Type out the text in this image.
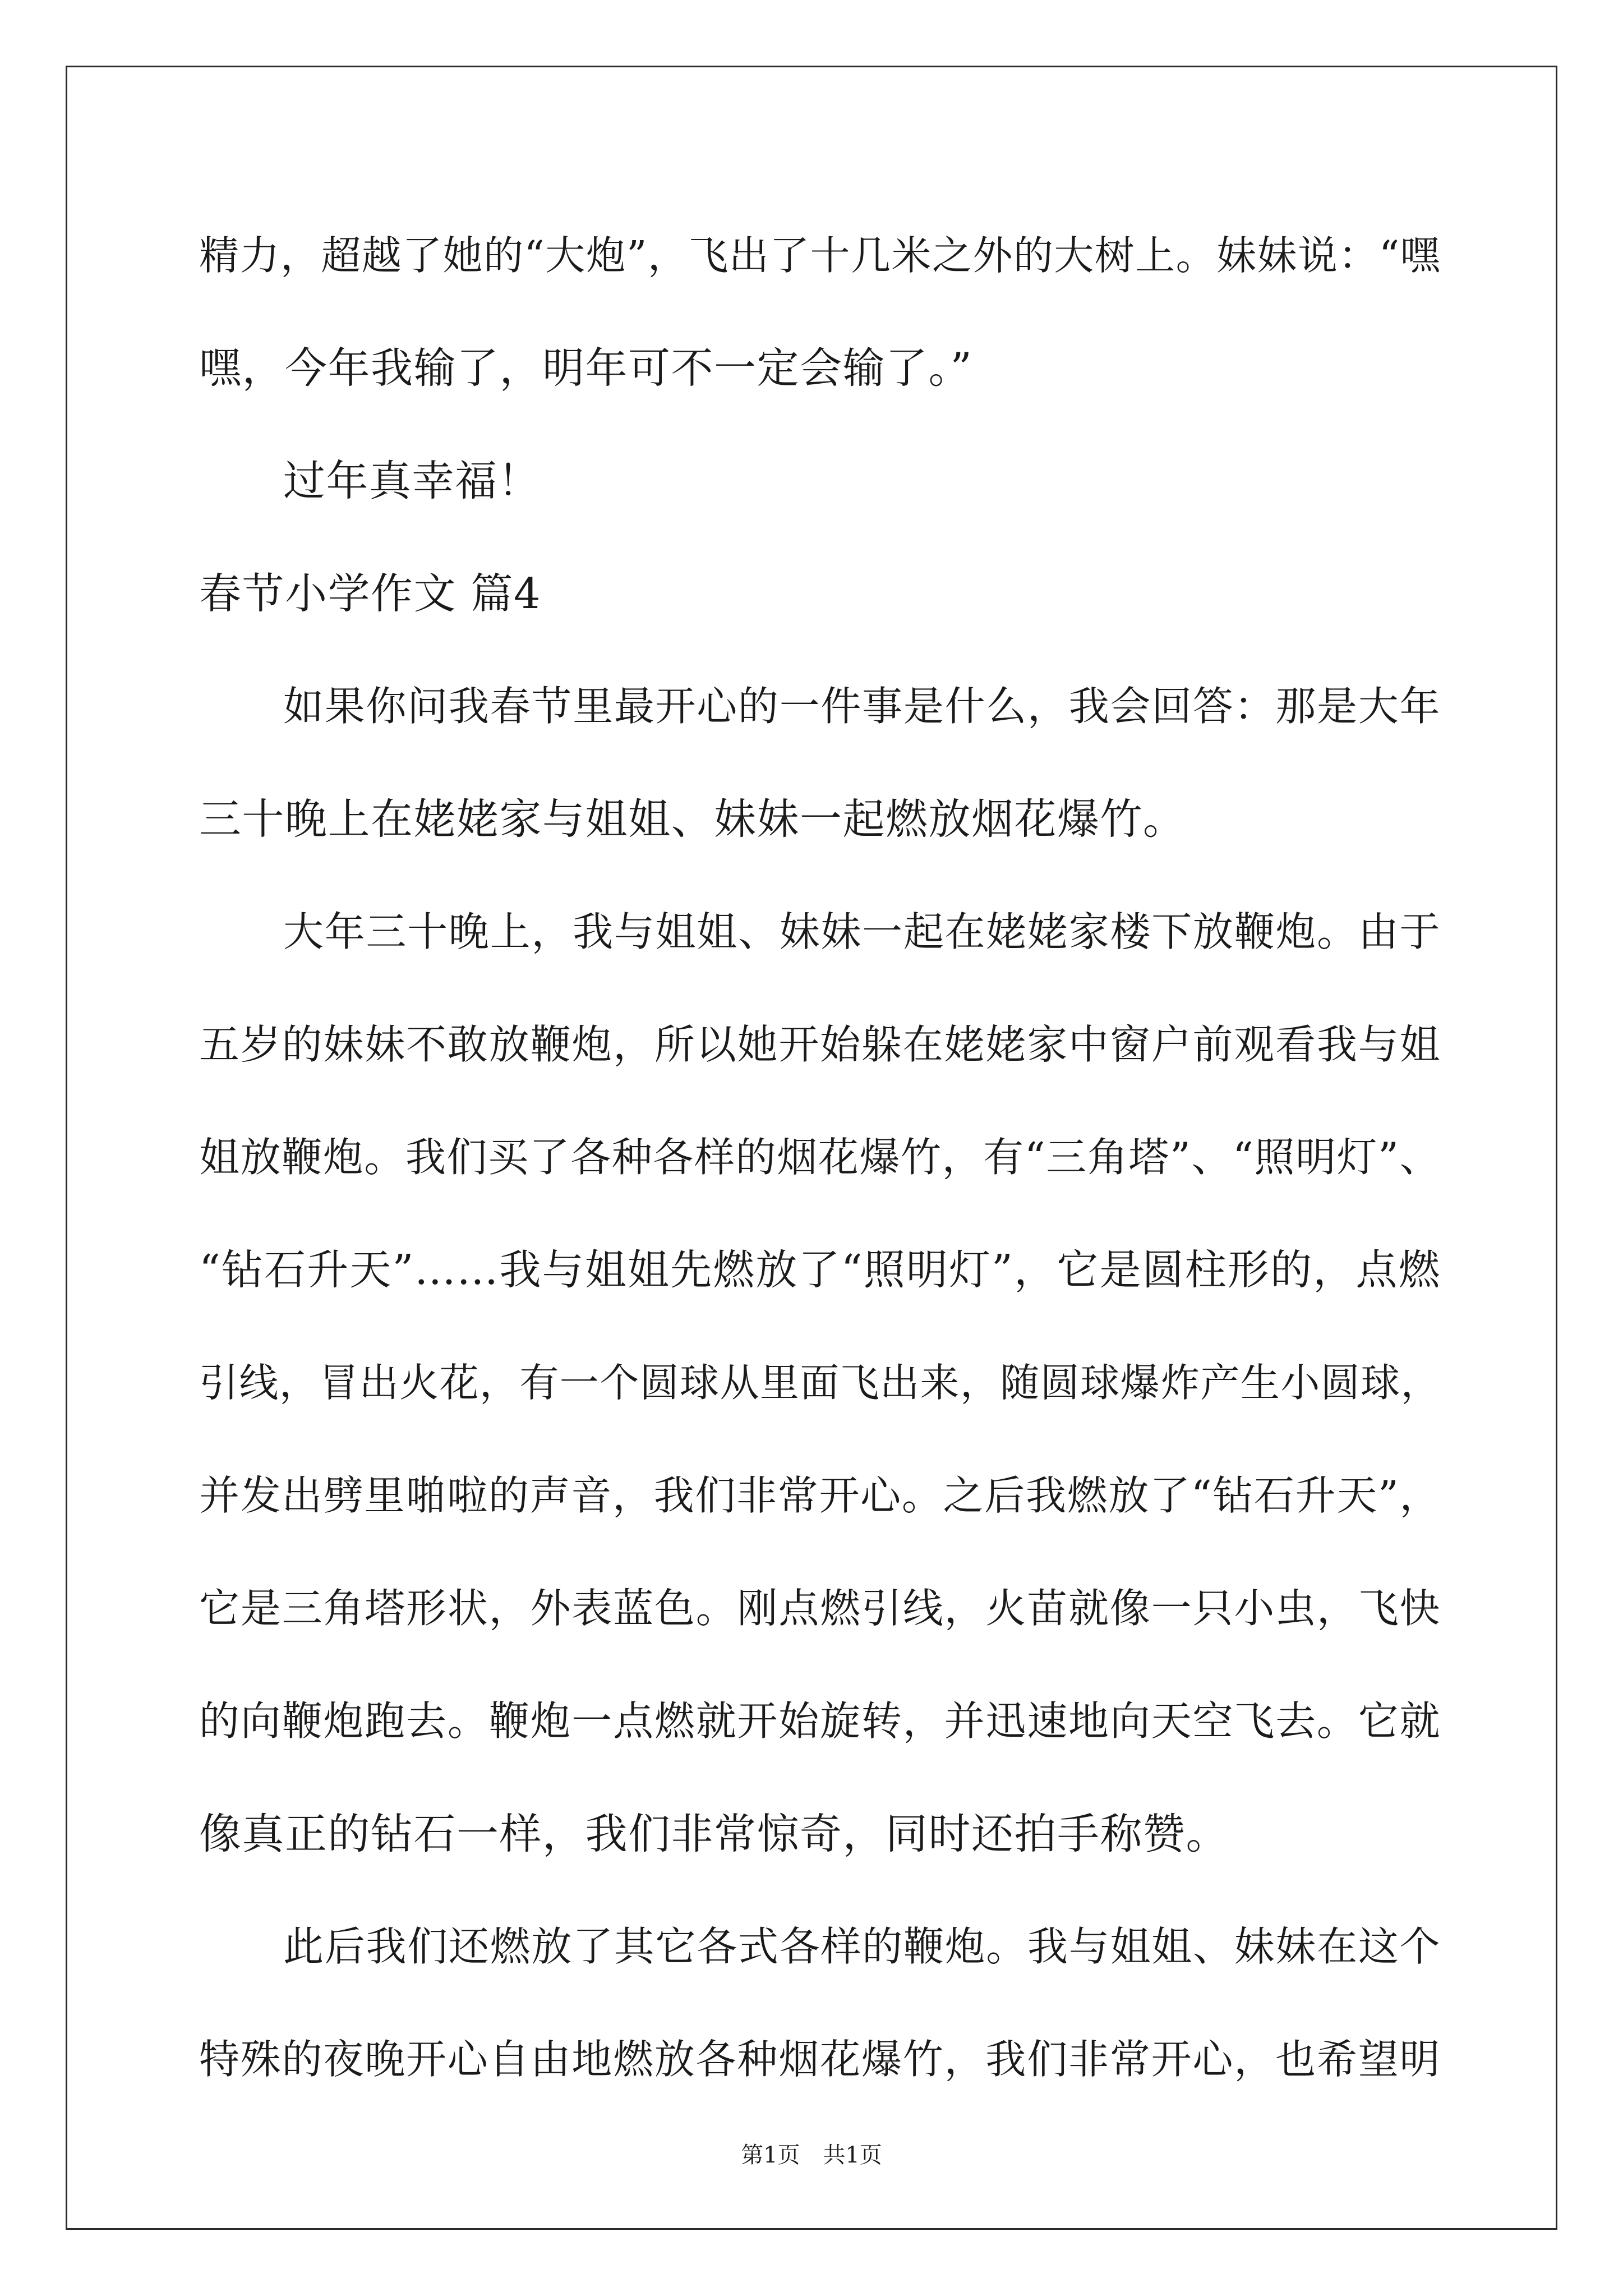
精力，超越了她的“大炮”，飞出了十几米之外的大树上。妹妹说：“嘿
嘿，今年我输了，明年可不一定会输了。”
过年真幸福！
春节小学作文 篇4
如果你问我春节里最开心的一件事是什么，我会回答：那是大年
三十晚上在姥姥家与姐姐、妹妹一起燃放烟花爆竹。
大年三十晚上，我与姐姐、妹妹一起在姥姥家楼下放鞭炮。由于
五岁的妹妹不敢放鞭炮，所以她开始躲在姥姥家中窗户前观看我与姐
姐放鞭炮。我们买了各种各样的烟花爆竹，有“三角塔”、“照明灯”、
“钻石升天”……我与姐姐先燃放了“照明灯”，它是圆柱形的，点燃
引线，冒出火花，有一个圆球从里面飞出来，随圆球爆炸产生小圆球，
并发出劈里啪啦的声音，我们非常开心。之后我燃放了“钻石升天”，
它是三角塔形状，外表蓝色。刚点燃引线，火苗就像一只小虫，飞快
的向鞭炮跑去。鞭炮一点燃就开始旋转，并迅速地向天空飞去。它就
像真正的钻石一样，我们非常惊奇，同时还拍手称赞。
此后我们还燃放了其它各式各样的鞭炮。我与姐姐、妹妹在这个
特殊的夜晚开心自由地燃放各种烟花爆竹，我们非常开心，也希望明
第1页 共1页
